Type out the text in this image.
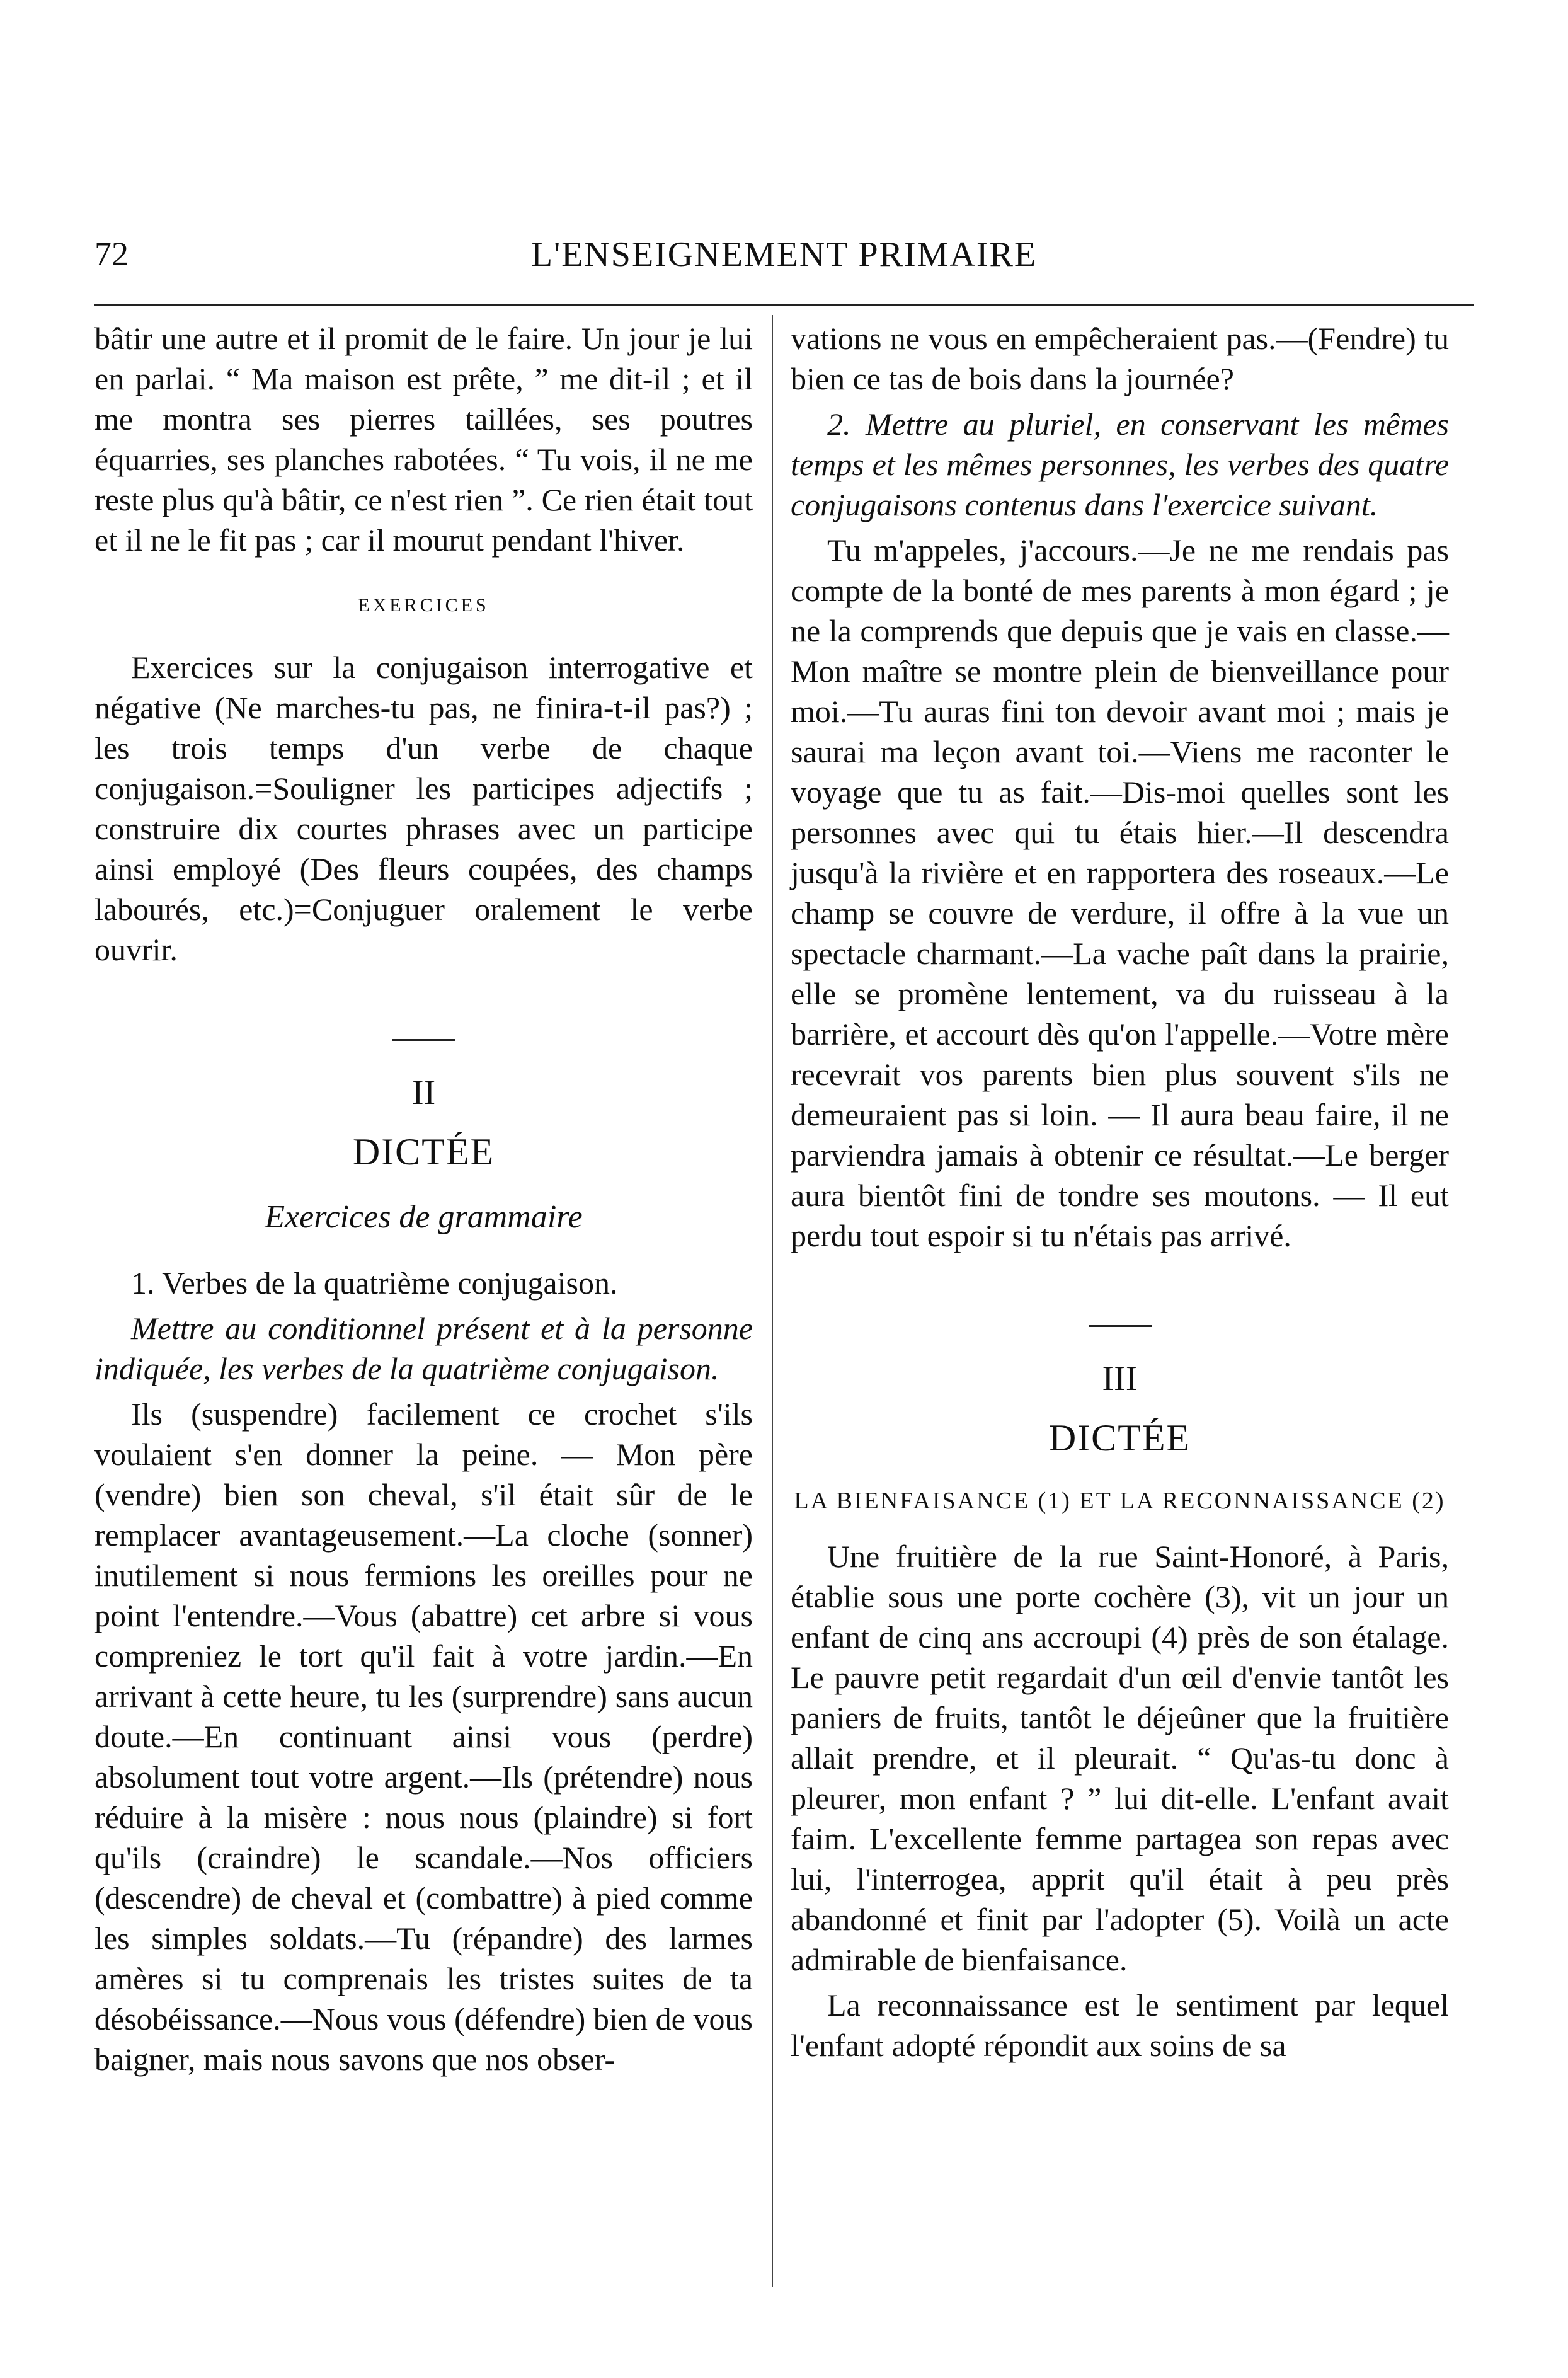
72	L'ENSEIGNEMENT PRIMAIRE

bâtir une autre et il promit de le faire. Un jour je lui en parlai. “ Ma maison est prête, ” me dit-il ; et il me montra ses pierres taillées, ses poutres équarries, ses planches rabotées. “ Tu vois, il ne me reste plus qu'à bâtir, ce n'est rien ”. Ce rien était tout et il ne le fit pas ; car il mourut pendant l'hiver.

EXERCICES

Exercices sur la conjugaison interrogative et négative (Ne marches-tu pas, ne finira-t-il pas?) ; les trois temps d'un verbe de chaque conjugaison.=Souligner les participes adjectifs ; construire dix courtes phrases avec un participe ainsi employé (Des fleurs coupées, des champs labourés, etc.)=Conjuguer oralement le verbe ouvrir.

II
DICTÉE
Exercices de grammaire

1. Verbes de la quatrième conjugaison.

Mettre au conditionnel présent et à la personne indiquée, les verbes de la quatrième conjugaison.

Ils (suspendre) facilement ce crochet s'ils voulaient s'en donner la peine. — Mon père (vendre) bien son cheval, s'il était sûr de le remplacer avantageusement.—La cloche (sonner) inutilement si nous fermions les oreilles pour ne point l'entendre.—Vous (abattre) cet arbre si vous compreniez le tort qu'il fait à votre jardin.—En arrivant à cette heure, tu les (surprendre) sans aucun doute.—En continuant ainsi vous (perdre) absolument tout votre argent.—Ils (prétendre) nous réduire à la misère : nous nous (plaindre) si fort qu'ils (craindre) le scandale.—Nos officiers (descendre) de cheval et (combattre) à pied comme les simples soldats.—Tu (répandre) des larmes amères si tu comprenais les tristes suites de ta désobéissance.—Nous vous (défendre) bien de vous baigner, mais nous savons que nos obser-

vations ne vous en empêcheraient pas.—(Fendre) tu bien ce tas de bois dans la journée?

2. Mettre au pluriel, en conservant les mêmes temps et les mêmes personnes, les verbes des quatre conjugaisons contenus dans l'exercice suivant.

Tu m'appeles, j'accours.—Je ne me rendais pas compte de la bonté de mes parents à mon égard ; je ne la comprends que depuis que je vais en classe.—Mon maître se montre plein de bienveillance pour moi.—Tu auras fini ton devoir avant moi ; mais je saurai ma leçon avant toi.—Viens me raconter le voyage que tu as fait.—Dis-moi quelles sont les personnes avec qui tu étais hier.—Il descendra jusqu'à la rivière et en rapportera des roseaux.—Le champ se couvre de verdure, il offre à la vue un spectacle charmant.—La vache paît dans la prairie, elle se promène lentement, va du ruisseau à la barrière, et accourt dès qu'on l'appelle.—Votre mère recevrait vos parents bien plus souvent s'ils ne demeuraient pas si loin. — Il aura beau faire, il ne parviendra jamais à obtenir ce résultat.—Le berger aura bientôt fini de tondre ses moutons. — Il eut perdu tout espoir si tu n'étais pas arrivé.

III
DICTÉE
LA BIENFAISANCE (1) ET LA RECONNAISSANCE (2)

Une fruitière de la rue Saint-Honoré, à Paris, établie sous une porte cochère (3), vit un jour un enfant de cinq ans accroupi (4) près de son étalage. Le pauvre petit regardait d'un œil d'envie tantôt les paniers de fruits, tantôt le déjeûner que la fruitière allait prendre, et il pleurait. “ Qu'as-tu donc à pleurer, mon enfant ? ” lui dit-elle. L'enfant avait faim. L'excellente femme partagea son repas avec lui, l'interrogea, apprit qu'il était à peu près abandonné et finit par l'adopter (5). Voilà un acte admirable de bienfaisance.

La reconnaissance est le sentiment par lequel l'enfant adopté répondit aux soins de sa
